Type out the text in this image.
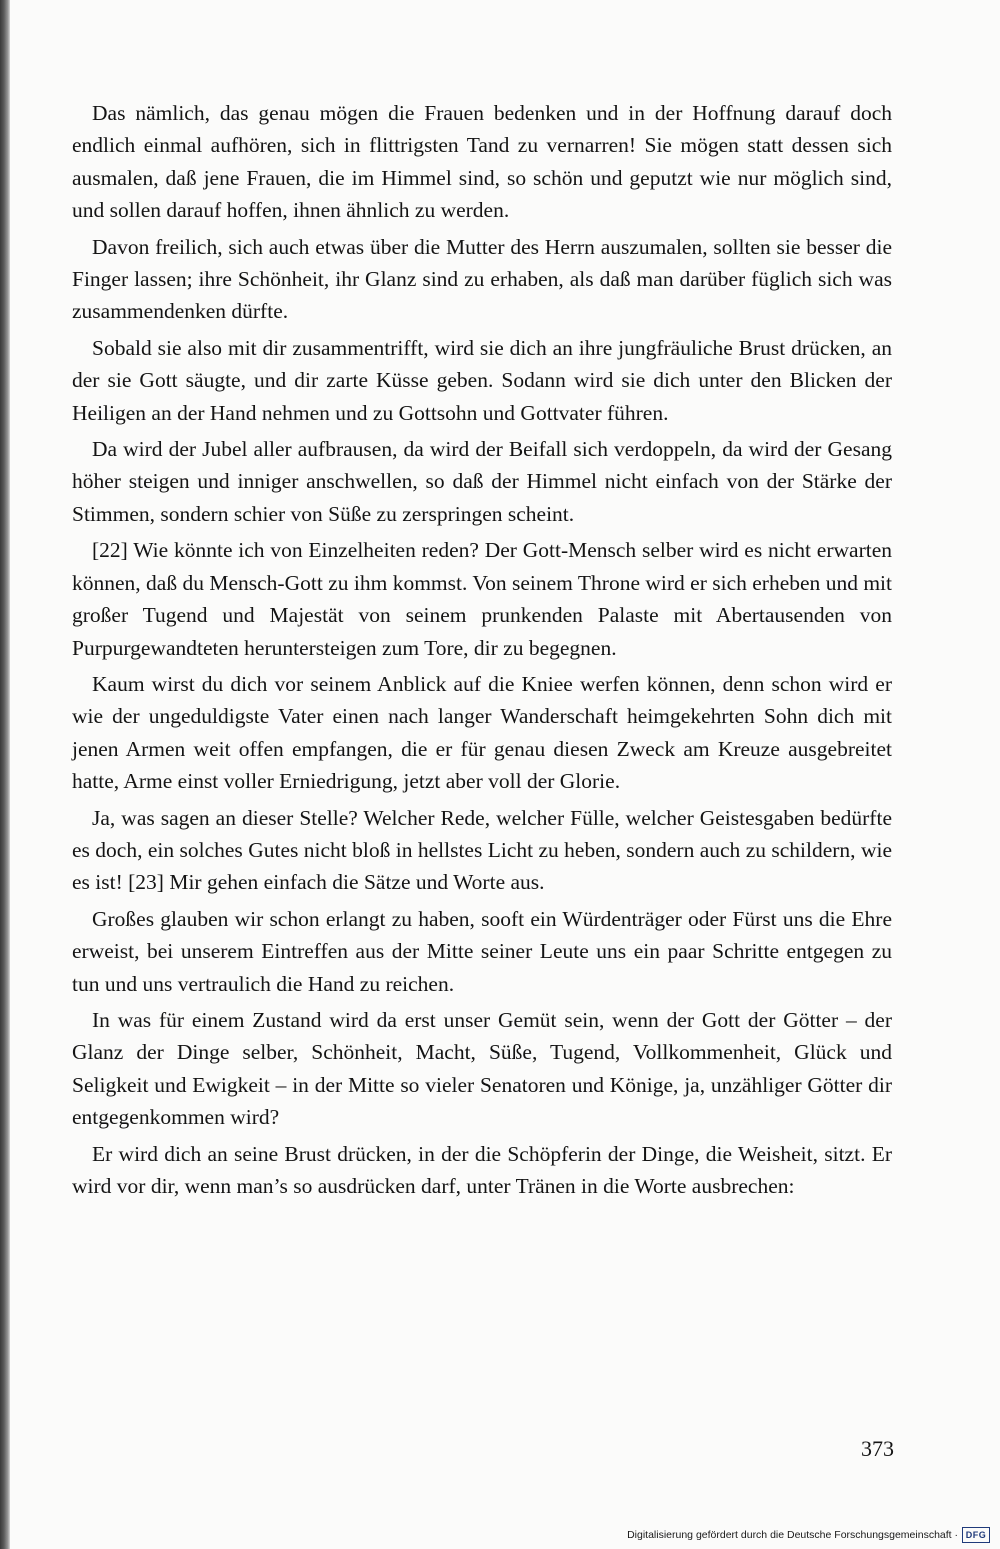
Das nämlich, das genau mögen die Frauen bedenken und in der Hoffnung darauf doch endlich einmal aufhören, sich in flittrigsten Tand zu vernarren! Sie mögen statt dessen sich ausmalen, daß jene Frauen, die im Himmel sind, so schön und geputzt wie nur möglich sind, und sollen darauf hoffen, ihnen ähnlich zu werden.

Davon freilich, sich auch etwas über die Mutter des Herrn auszumalen, sollten sie besser die Finger lassen; ihre Schönheit, ihr Glanz sind zu erhaben, als daß man darüber füglich sich was zusammendenken dürfte.

Sobald sie also mit dir zusammentrifft, wird sie dich an ihre jungfräuliche Brust drücken, an der sie Gott säugte, und dir zarte Küsse geben. Sodann wird sie dich unter den Blicken der Heiligen an der Hand nehmen und zu Gottsohn und Gottvater führen.

Da wird der Jubel aller aufbrausen, da wird der Beifall sich verdoppeln, da wird der Gesang höher steigen und inniger anschwellen, so daß der Himmel nicht einfach von der Stärke der Stimmen, sondern schier von Süße zu zerspringen scheint.

[22] Wie könnte ich von Einzelheiten reden? Der Gott-Mensch selber wird es nicht erwarten können, daß du Mensch-Gott zu ihm kommst. Von seinem Throne wird er sich erheben und mit großer Tugend und Majestät von seinem prunkenden Palaste mit Abertausenden von Purpurgewandteten heruntersteigen zum Tore, dir zu begegnen.

Kaum wirst du dich vor seinem Anblick auf die Kniee werfen können, denn schon wird er wie der ungeduldigste Vater einen nach langer Wanderschaft heimgekehrten Sohn dich mit jenen Armen weit offen empfangen, die er für genau diesen Zweck am Kreuze ausgebreitet hatte, Arme einst voller Erniedrigung, jetzt aber voll der Glorie.

Ja, was sagen an dieser Stelle? Welcher Rede, welcher Fülle, welcher Geistesgaben bedürfte es doch, ein solches Gutes nicht bloß in hellstes Licht zu heben, sondern auch zu schildern, wie es ist! [23] Mir gehen einfach die Sätze und Worte aus.

Großes glauben wir schon erlangt zu haben, sooft ein Würdenträger oder Fürst uns die Ehre erweist, bei unserem Eintreffen aus der Mitte seiner Leute uns ein paar Schritte entgegen zu tun und uns vertraulich die Hand zu reichen.

In was für einem Zustand wird da erst unser Gemüt sein, wenn der Gott der Götter – der Glanz der Dinge selber, Schönheit, Macht, Süße, Tugend, Vollkommenheit, Glück und Seligkeit und Ewigkeit – in der Mitte so vieler Senatoren und Könige, ja, unzähliger Götter dir entgegenkommen wird?

Er wird dich an seine Brust drücken, in der die Schöpferin der Dinge, die Weisheit, sitzt. Er wird vor dir, wenn man’s so ausdrücken darf, unter Tränen in die Worte ausbrechen:

373
Digitalisierung gefördert durch die Deutsche Forschungsgemeinschaft · DFG
